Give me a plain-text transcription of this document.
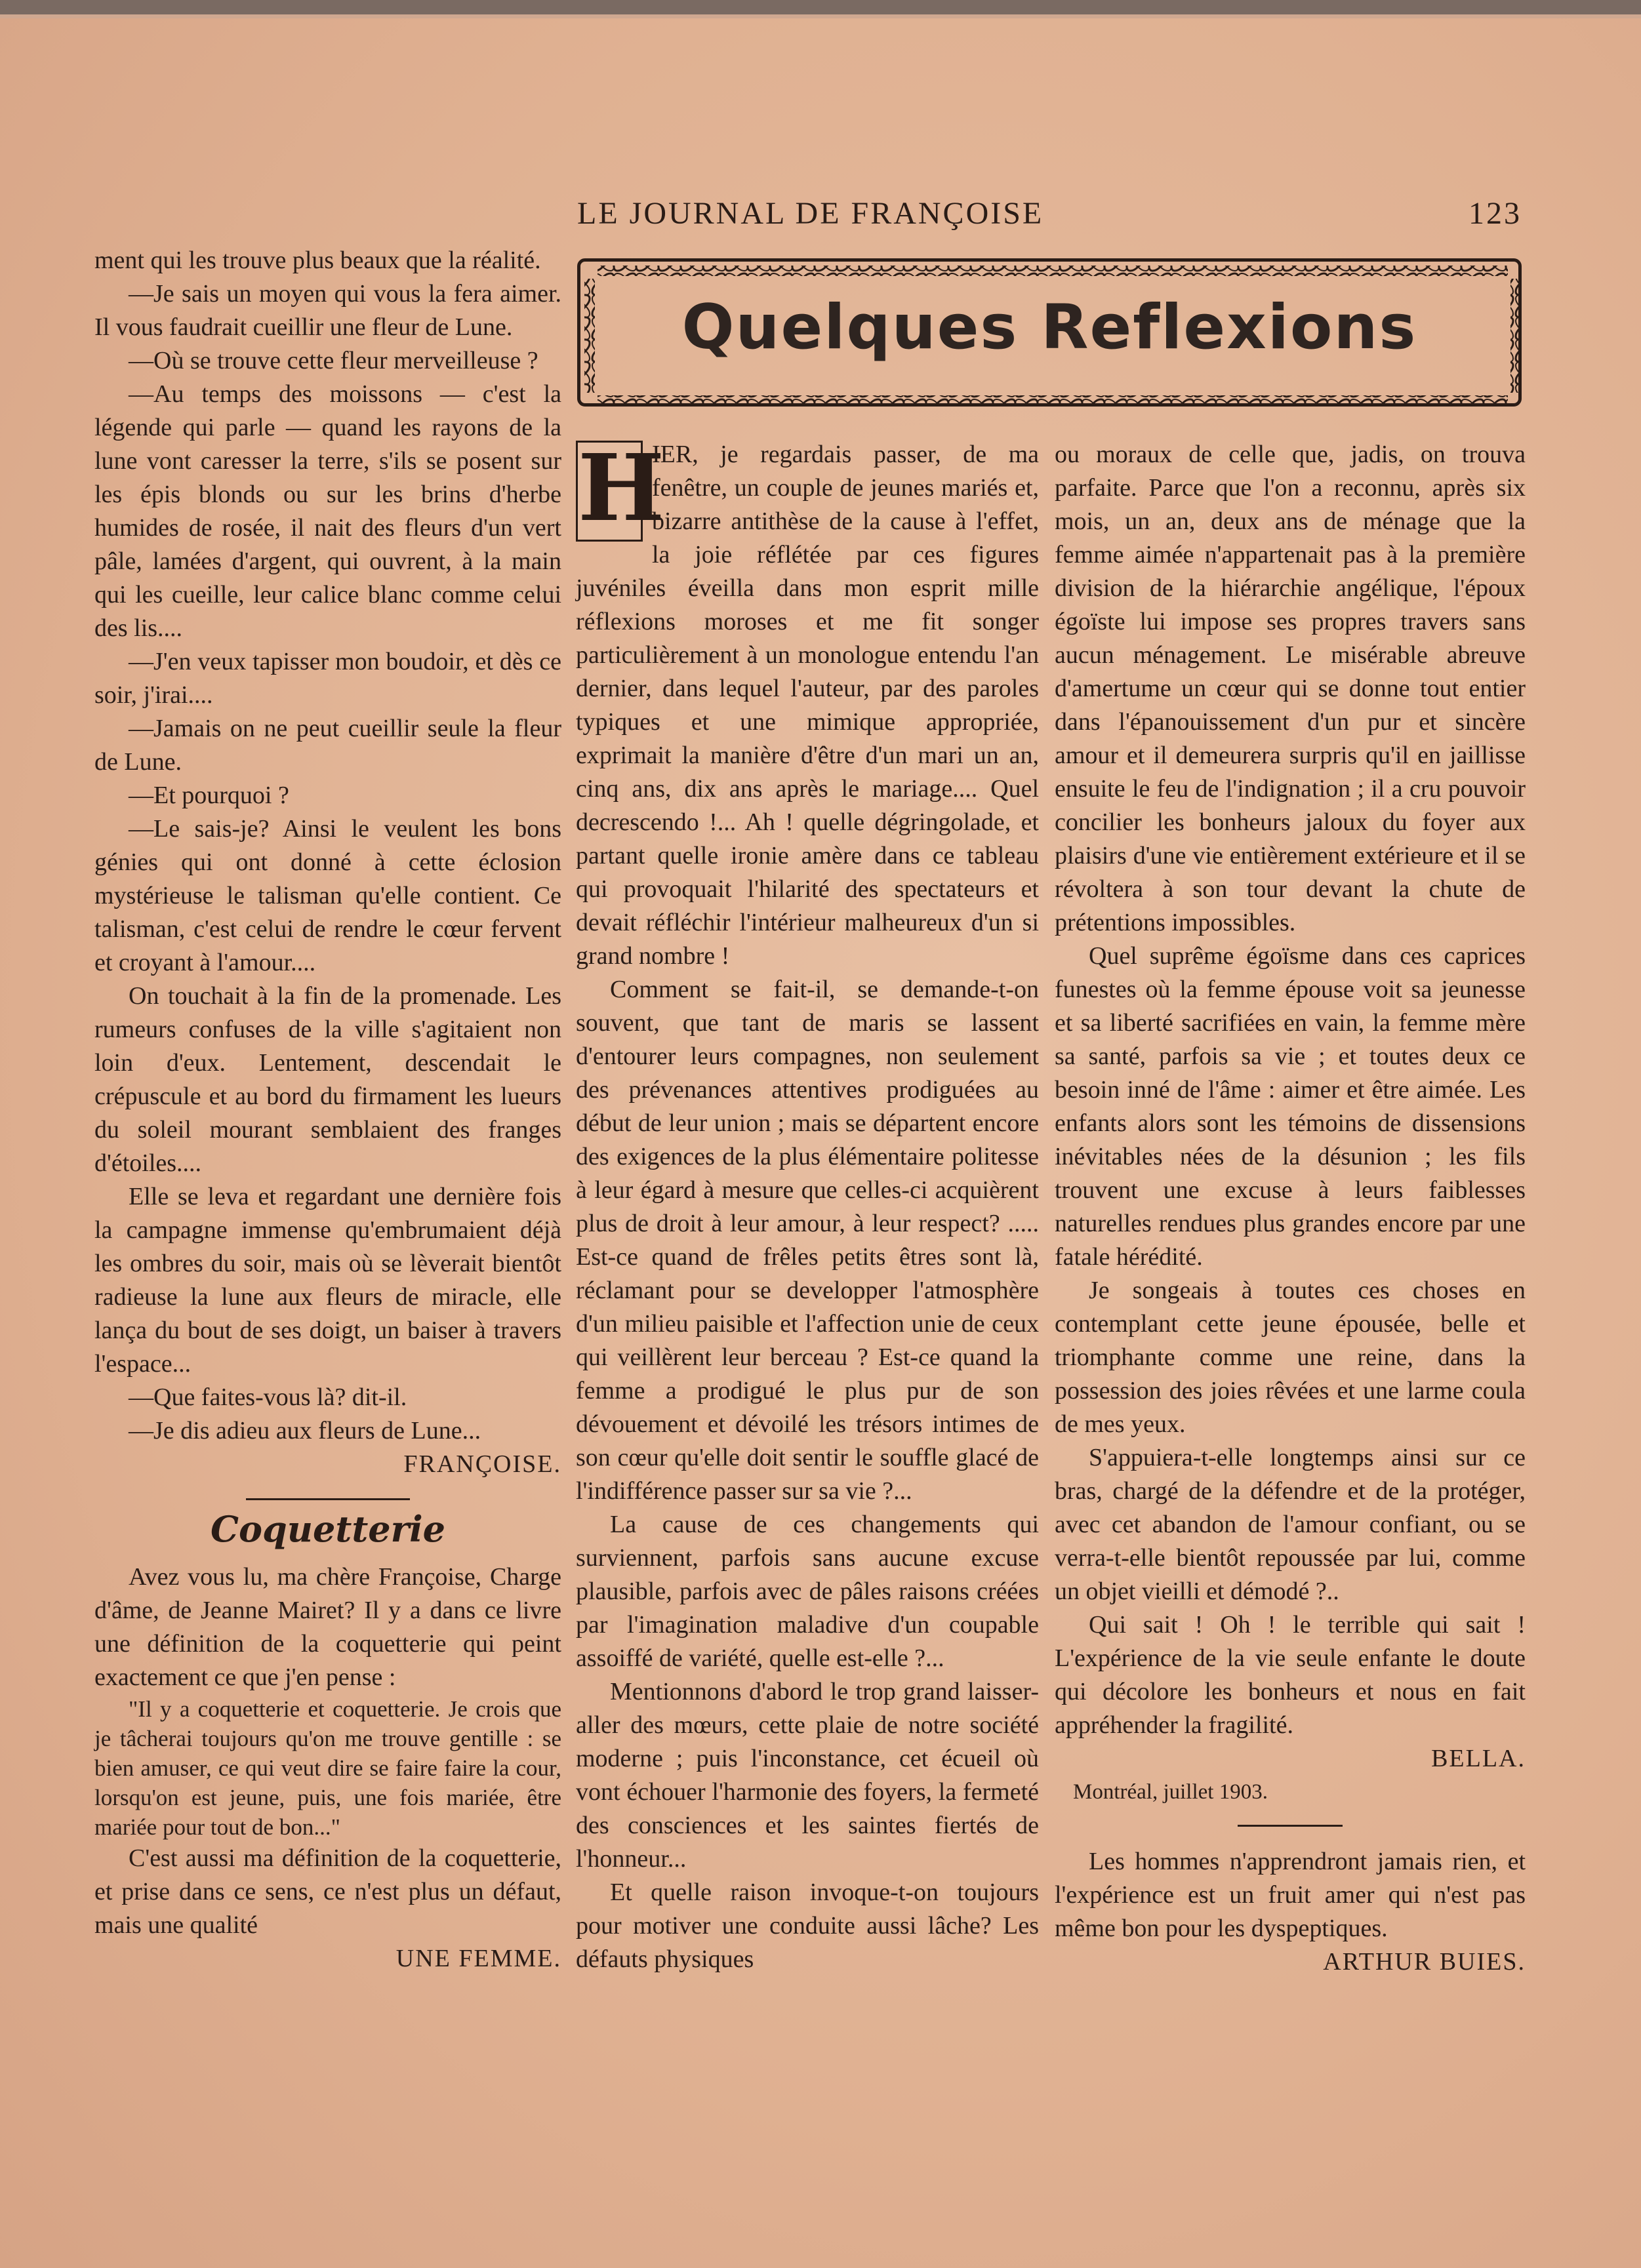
LE JOURNAL DE FRANÇOISE	123
Quelques Reflexions

ment qui les trouve plus beaux que la réalité.

—Je sais un moyen qui vous la fera aimer. Il vous faudrait cueillir une fleur de Lune.

—Où se trouve cette fleur merveilleuse ?

—Au temps des moissons — c'est la légende qui parle — quand les rayons de la lune vont caresser la terre, s'ils se posent sur les épis blonds ou sur les brins d'herbe humides de rosée, il nait des fleurs d'un vert pâle, lamées d'argent, qui ouvrent, à la main qui les cueille, leur calice blanc comme celui des lis....

—J'en veux tapisser mon boudoir, et dès ce soir, j'irai....

—Jamais on ne peut cueillir seule la fleur de Lune.

—Et pourquoi ?

—Le sais-je? Ainsi le veulent les bons génies qui ont donné à cette éclosion mystérieuse le talisman qu'elle contient. Ce talisman, c'est celui de rendre le cœur fervent et croyant à l'amour....

On touchait à la fin de la promenade. Les rumeurs confuses de la ville s'agitaient non loin d'eux. Lentement, descendait le crépuscule et au bord du firmament les lueurs du soleil mourant semblaient des franges d'étoiles....

Elle se leva et regardant une dernière fois la campagne immense qu'embrumaient déjà les ombres du soir, mais où se lèverait bientôt radieuse la lune aux fleurs de miracle, elle lança du bout de ses doigt, un baiser à travers l'espace...

—Que faites-vous là? dit-il.

—Je dis adieu aux fleurs de Lune...

FRANÇOISE.

Coquetterie

Avez vous lu, ma chère Françoise, Charge d'âme, de Jeanne Mairet? Il y a dans ce livre une définition de la coquetterie qui peint exactement ce que j'en pense :

"Il y a coquetterie et coquetterie. Je crois que je tâcherai toujours qu'on me trouve gentille : se bien amuser, ce qui veut dire se faire faire la cour, lorsqu'on est jeune, puis, une fois mariée, être mariée pour tout de bon..."

C'est aussi ma définition de la coquetterie, et prise dans ce sens, ce n'est plus un défaut, mais une qualité

UNE FEMME.

H
IER, je regardais passer, de ma fenêtre, un couple de jeunes mariés et, bizarre antithèse de la cause à l'effet, la joie réflétée par ces figures juvéniles éveilla dans mon esprit mille réflexions moroses et me fit songer particulièrement à un monologue entendu l'an dernier, dans lequel l'auteur, par des paroles typiques et une mimique appropriée, exprimait la manière d'être d'un mari un an, cinq ans, dix ans après le mariage.... Quel decrescendo !... Ah ! quelle dégringolade, et partant quelle ironie amère dans ce tableau qui provoquait l'hilarité des spectateurs et devait réfléchir l'intérieur malheureux d'un si grand nombre !

Comment se fait-il, se demande-t-on souvent, que tant de maris se lassent d'entourer leurs compagnes, non seulement des prévenances attentives prodiguées au début de leur union ; mais se départent encore des exigences de la plus élémentaire politesse à leur égard à mesure que celles-ci acquièrent plus de droit à leur amour, à leur respect? ..... Est-ce quand de frêles petits êtres sont là, réclamant pour se developper l'atmosphère d'un milieu paisible et l'affection unie de ceux qui veillèrent leur berceau ? Est-ce quand la femme a prodigué le plus pur de son dévouement et dévoilé les trésors intimes de son cœur qu'elle doit sentir le souffle glacé de l'indifférence passer sur sa vie ?...

La cause de ces changements qui surviennent, parfois sans aucune excuse plausible, parfois avec de pâles raisons créées par l'imagination maladive d'un coupable assoiffé de variété, quelle est-elle ?...

Mentionnons d'abord le trop grand laisser-aller des mœurs, cette plaie de notre société moderne ; puis l'inconstance, cet écueil où vont échouer l'harmonie des foyers, la fermeté des consciences et les saintes fiertés de l'honneur...

Et quelle raison invoque-t-on toujours pour motiver une conduite aussi lâche? Les défauts physiques

ou moraux de celle que, jadis, on trouva parfaite. Parce que l'on a reconnu, après six mois, un an, deux ans de ménage que la femme aimée n'appartenait pas à la première division de la hiérarchie angélique, l'époux égoïste lui impose ses propres travers sans aucun ménagement. Le misérable abreuve d'amertume un cœur qui se donne tout entier dans l'épanouissement d'un pur et sincère amour et il demeurera surpris qu'il en jaillisse ensuite le feu de l'indignation ; il a cru pouvoir concilier les bonheurs jaloux du foyer aux plaisirs d'une vie entièrement extérieure et il se révoltera à son tour devant la chute de prétentions impossibles.

Quel suprême égoïsme dans ces caprices funestes où la femme épouse voit sa jeunesse et sa liberté sacrifiées en vain, la femme mère sa santé, parfois sa vie ; et toutes deux ce besoin inné de l'âme : aimer et être aimée. Les enfants alors sont les témoins de dissensions inévitables nées de la désunion ; les fils trouvent une excuse à leurs faiblesses naturelles rendues plus grandes encore par une fatale hérédité.

Je songeais à toutes ces choses en contemplant cette jeune épousée, belle et triomphante comme une reine, dans la possession des joies rêvées et une larme coula de mes yeux.

S'appuiera-t-elle longtemps ainsi sur ce bras, chargé de la défendre et de la protéger, avec cet abandon de l'amour confiant, ou se verra-t-elle bientôt repoussée par lui, comme un objet vieilli et démodé ?..

Qui sait ! Oh ! le terrible qui sait ! L'expérience de la vie seule enfante le doute qui décolore les bonheurs et nous en fait appréhender la fragilité.

BELLA.

Montréal, juillet 1903.

Les hommes n'apprendront jamais rien, et l'expérience est un fruit amer qui n'est pas même bon pour les dyspeptiques.

ARTHUR BUIES.
